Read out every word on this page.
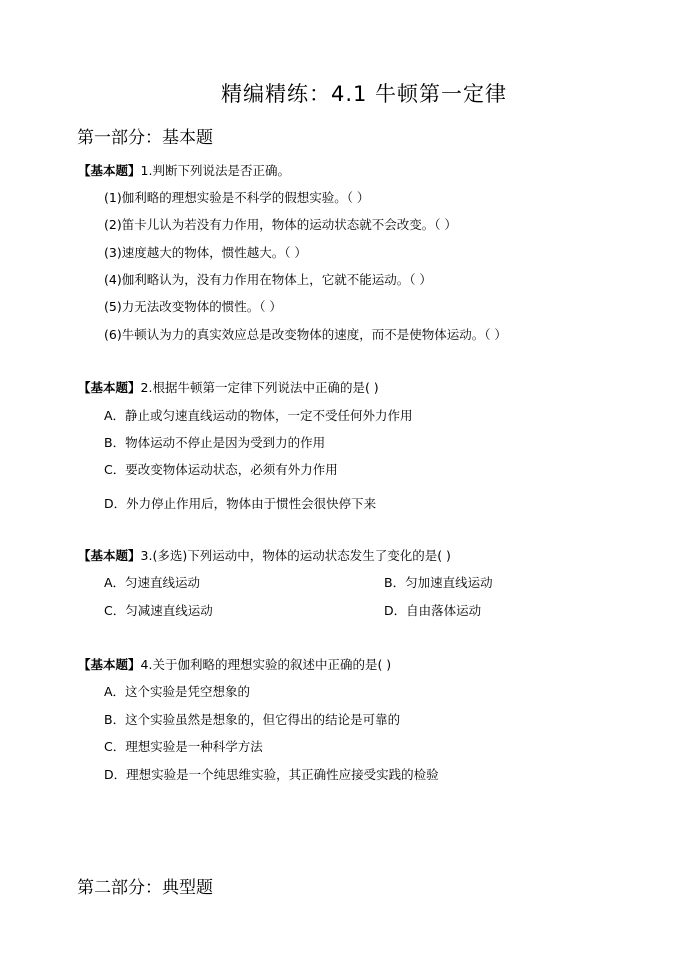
精编精练：4.1 牛顿第一定律
第一部分：基本题
【基本题】1.判断下列说法是否正确。
(1)伽利略的理想实验是不科学的假想实验。（ ）
(2)笛卡儿认为若没有力作用，物体的运动状态就不会改变。（ ）
(3)速度越大的物体，惯性越大。（ ）
(4)伽利略认为，没有力作用在物体上，它就不能运动。（ ）
(5)力无法改变物体的惯性。（ ）
(6)牛顿认为力的真实效应总是改变物体的速度，而不是使物体运动。（ ）
【基本题】2.根据牛顿第一定律下列说法中正确的是( )
A．静止或匀速直线运动的物体，一定不受任何外力作用
B．物体运动不停止是因为受到力的作用
C．要改变物体运动状态，必须有外力作用
D．外力停止作用后，物体由于惯性会很快停下来
【基本题】3.(多选)下列运动中，物体的运动状态发生了变化的是( )
A．匀速直线运动	B．匀加速直线运动
C．匀减速直线运动	D．自由落体运动
【基本题】4.关于伽利略的理想实验的叙述中正确的是( )
A．这个实验是凭空想象的
B．这个实验虽然是想象的，但它得出的结论是可靠的
C．理想实验是一种科学方法
D．理想实验是一个纯思维实验，其正确性应接受实践的检验
第二部分：典型题
